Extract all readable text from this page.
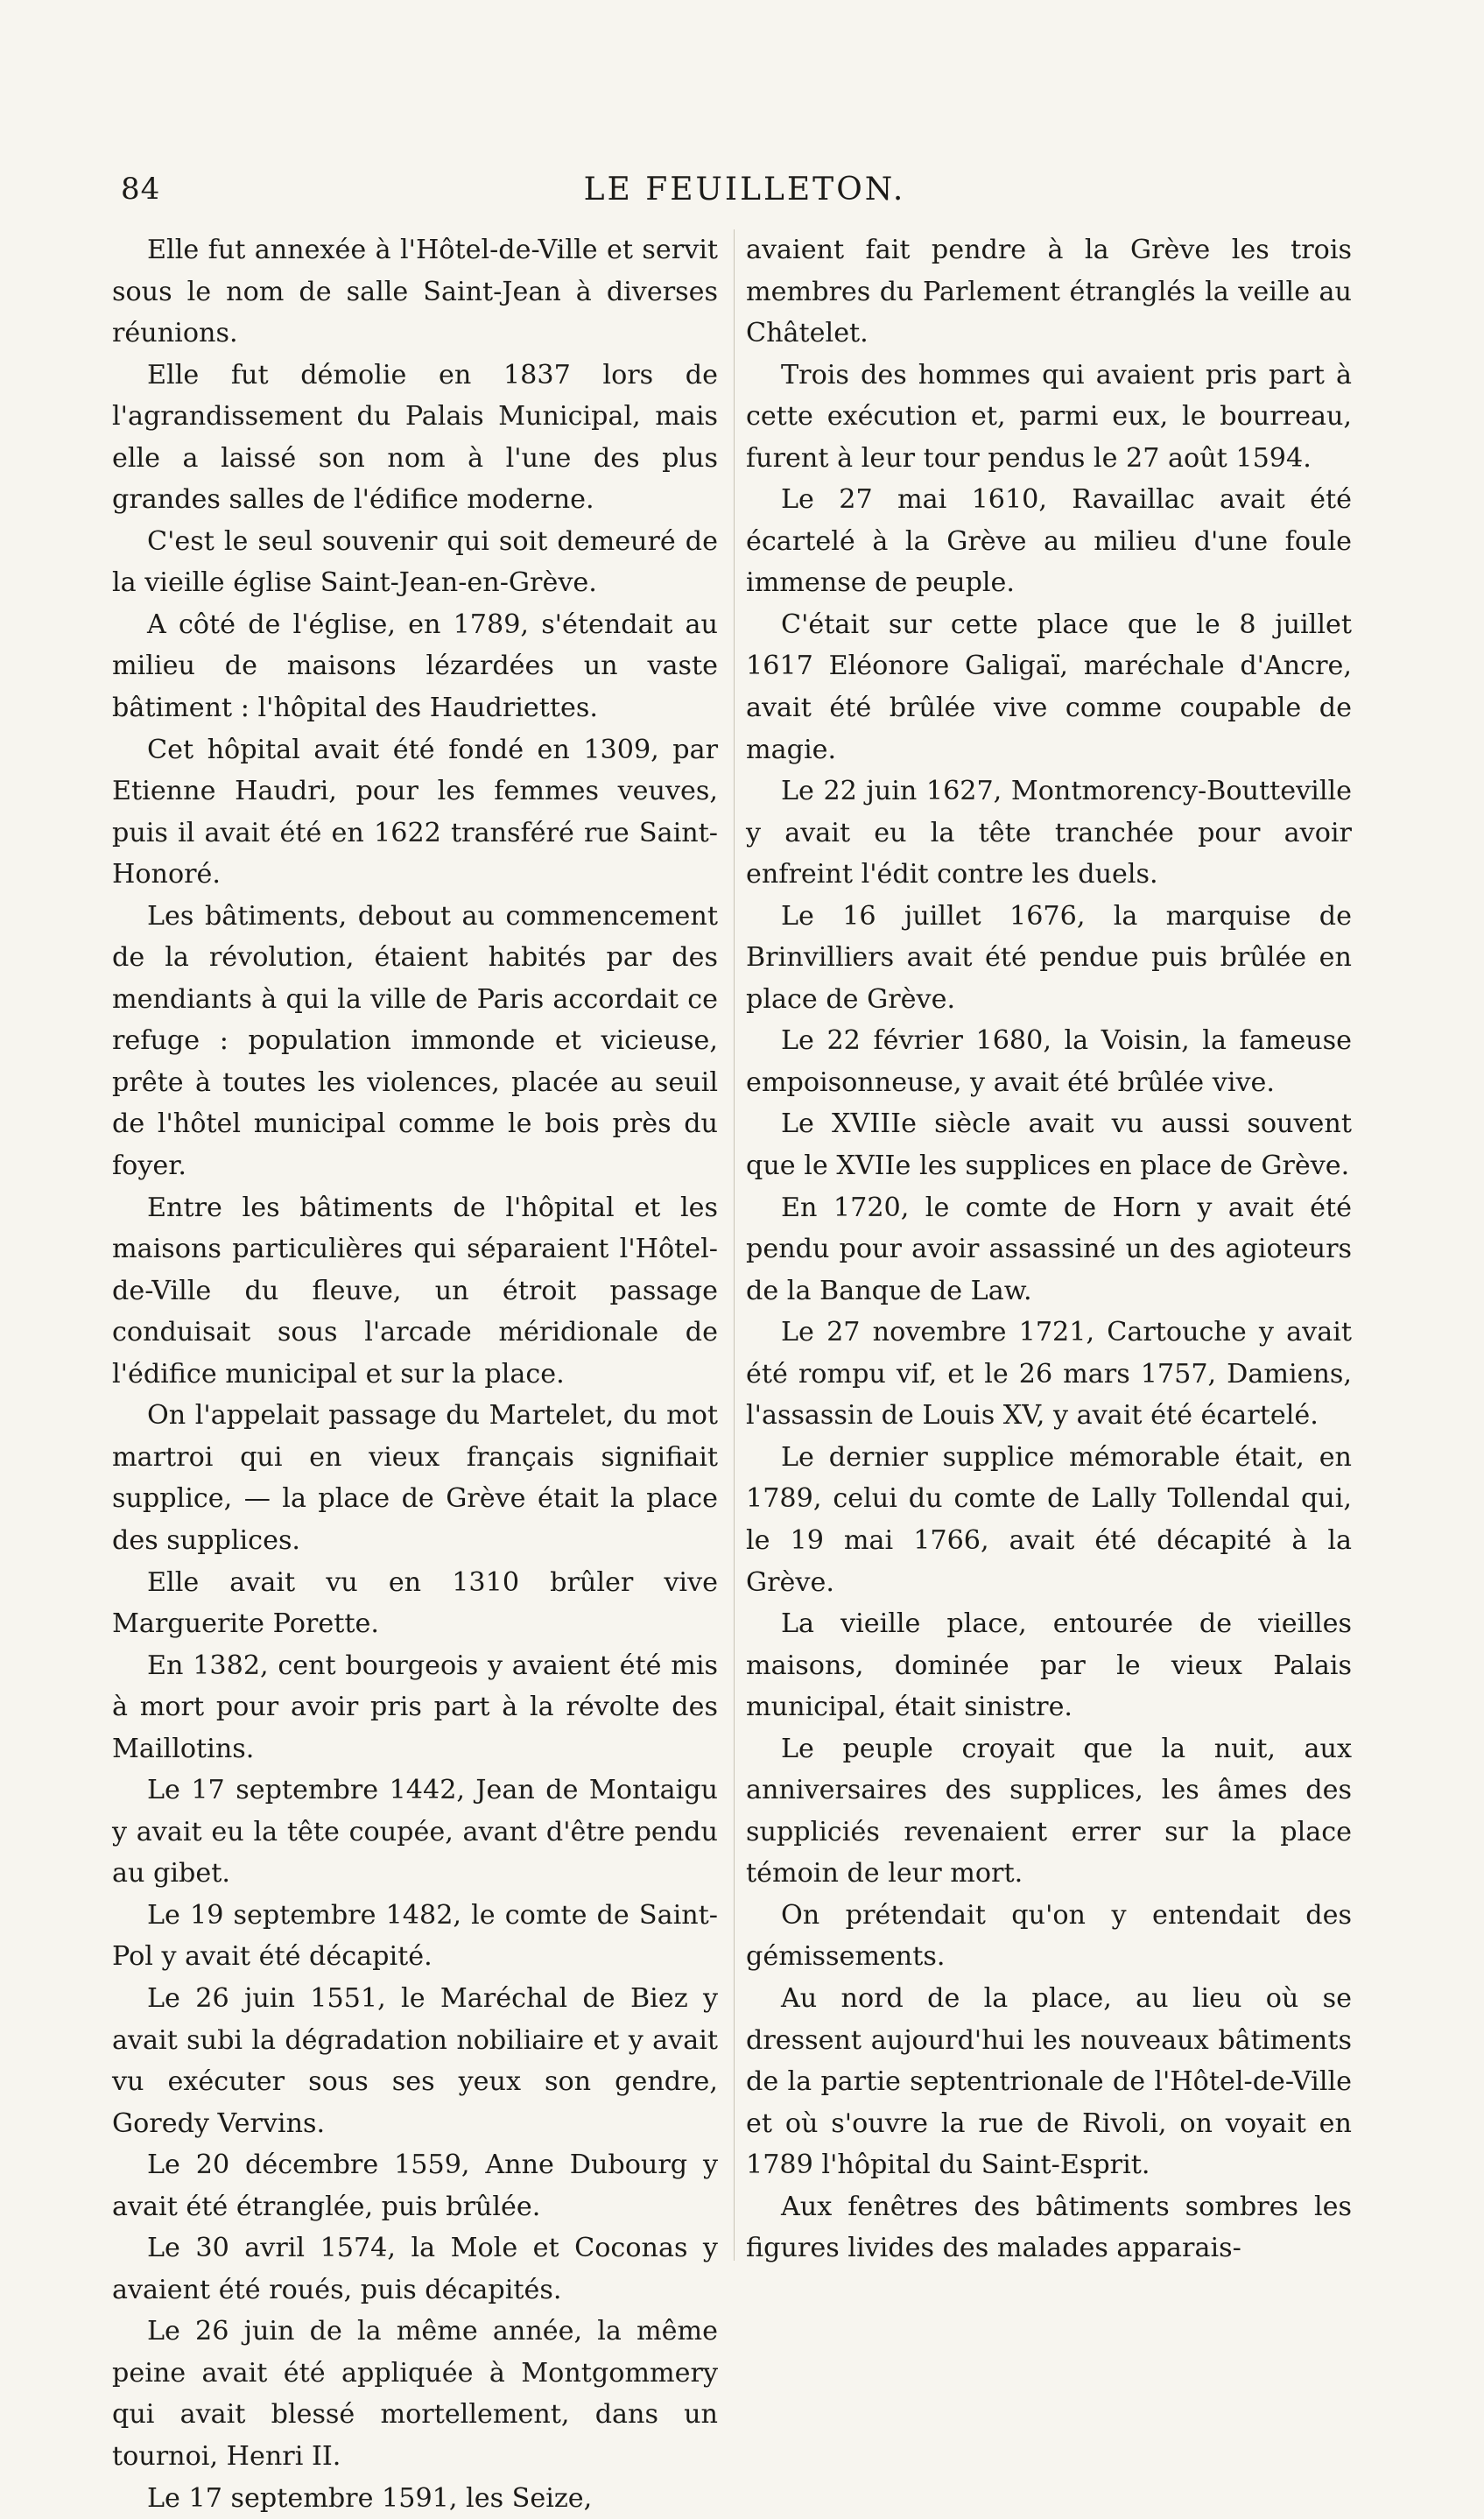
84	LE FEUILLETON.

Elle fut annexée à l'Hôtel-de-Ville et servit sous le nom de salle Saint-Jean à diverses réunions.

Elle fut démolie en 1837 lors de l'agrandissement du Palais Municipal, mais elle a laissé son nom à l'une des plus grandes salles de l'édifice moderne.

C'est le seul souvenir qui soit demeuré de la vieille église Saint-Jean-en-Grève.

A côté de l'église, en 1789, s'étendait au milieu de maisons lézardées un vaste bâtiment : l'hôpital des Haudriettes.

Cet hôpital avait été fondé en 1309, par Etienne Haudri, pour les femmes veuves, puis il avait été en 1622 transféré rue Saint-Honoré.

Les bâtiments, debout au commencement de la révolution, étaient habités par des mendiants à qui la ville de Paris accordait ce refuge : population immonde et vicieuse, prête à toutes les violences, placée au seuil de l'hôtel municipal comme le bois près du foyer.

Entre les bâtiments de l'hôpital et les maisons particulières qui séparaient l'Hôtel-de-Ville du fleuve, un étroit passage conduisait sous l'arcade méridionale de l'édifice municipal et sur la place.

On l'appelait passage du Martelet, du mot martroi qui en vieux français signifiait supplice, — la place de Grève était la place des supplices.

Elle avait vu en 1310 brûler vive Marguerite Porette.

En 1382, cent bourgeois y avaient été mis à mort pour avoir pris part à la révolte des Maillotins.

Le 17 septembre 1442, Jean de Montaigu y avait eu la tête coupée, avant d'être pendu au gibet.

Le 19 septembre 1482, le comte de Saint-Pol y avait été décapité.

Le 26 juin 1551, le Maréchal de Biez y avait subi la dégradation nobiliaire et y avait vu exécuter sous ses yeux son gendre, Goredy Vervins.

Le 20 décembre 1559, Anne Dubourg y avait été étranglée, puis brûlée.

Le 30 avril 1574, la Mole et Coconas y avaient été roués, puis décapités.

Le 26 juin de la même année, la même peine avait été appliquée à Montgommery qui avait blessé mortellement, dans un tournoi, Henri II.

Le 17 septembre 1591, les Seize,

avaient fait pendre à la Grève les trois membres du Parlement étranglés la veille au Châtelet.

Trois des hommes qui avaient pris part à cette exécution et, parmi eux, le bourreau, furent à leur tour pendus le 27 août 1594.

Le 27 mai 1610, Ravaillac avait été écartelé à la Grève au milieu d'une foule immense de peuple.

C'était sur cette place que le 8 juillet 1617 Eléonore Galigaï, maréchale d'Ancre, avait été brûlée vive comme coupable de magie.

Le 22 juin 1627, Montmorency-Boutteville y avait eu la tête tranchée pour avoir enfreint l'édit contre les duels.

Le 16 juillet 1676, la marquise de Brinvilliers avait été pendue puis brûlée en place de Grève.

Le 22 février 1680, la Voisin, la fameuse empoisonneuse, y avait été brûlée vive.

Le XVIIIe siècle avait vu aussi souvent que le XVIIe les supplices en place de Grève.

En 1720, le comte de Horn y avait été pendu pour avoir assassiné un des agioteurs de la Banque de Law.

Le 27 novembre 1721, Cartouche y avait été rompu vif, et le 26 mars 1757, Damiens, l'assassin de Louis XV, y avait été écartelé.

Le dernier supplice mémorable était, en 1789, celui du comte de Lally Tollendal qui, le 19 mai 1766, avait été décapité à la Grève.

La vieille place, entourée de vieilles maisons, dominée par le vieux Palais municipal, était sinistre.

Le peuple croyait que la nuit, aux anniversaires des supplices, les âmes des suppliciés revenaient errer sur la place témoin de leur mort.

On prétendait qu'on y entendait des gémissements.

Au nord de la place, au lieu où se dressent aujourd'hui les nouveaux bâtiments de la partie septentrionale de l'Hôtel-de-Ville et où s'ouvre la rue de Rivoli, on voyait en 1789 l'hôpital du Saint-Esprit.

Aux fenêtres des bâtiments sombres les figures livides des malades apparais-
